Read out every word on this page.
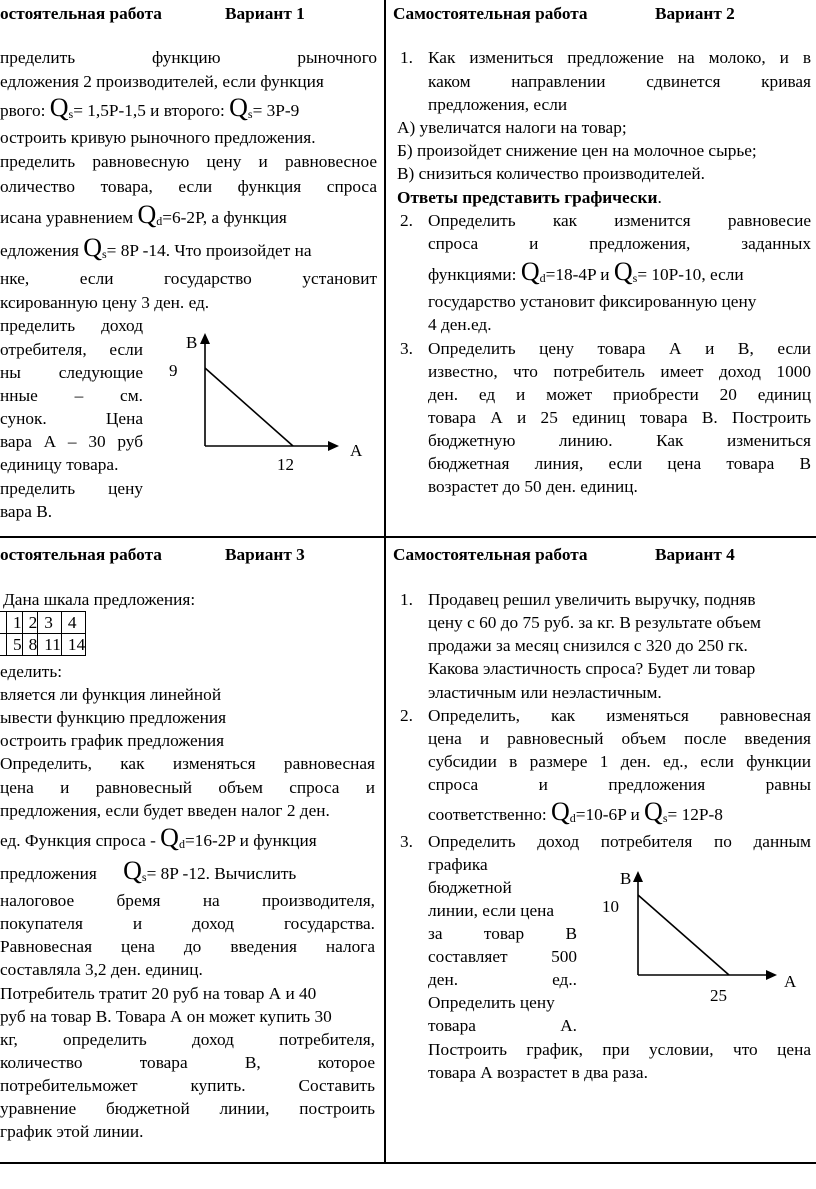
остоятельная работа	Вариант 1
пределить функцию рыночного
едложения 2 производителей, если функция
рвого: Qs= 1,5P-1,5 и второго: Qs= 3P-9
остроить кривую рыночного предложения.
пределить равновесную цену и равновесное
оличество товара, если функция спроса
исана уравнением Qd=6-2P, а функция
едложения Qs= 8P -14. Что произойдет на
нке, если государство установит
ксированную цену 3 ден. ед.
пределить доход
отребителя, если
ны следующие
нные – см.
сунок. Цена
вара А – 30 руб
единицу товара.
пределить цену
вара В.
В
9
А
12
Самостоятельная работа	Вариант 2
1. Как измениться предложение на молоко, и в
каком направлении сдвинется кривая
предложения, если
А) увеличатся налоги на товар;
Б) произойдет снижение цен на молочное сырье;
В) снизиться количество производителей.
Ответы представить графически.
2. Определить как изменится равновесие
спроса и предложения, заданных
функциями: Qd=18-4P и Qs= 10P-10, если
государство установит фиксированную цену
4 ден.ед.
3. Определить цену товара А и В, если
известно, что потребитель имеет доход 1000
ден. ед и может приобрести 20 единиц
товара А и 25 единиц товара В. Построить
бюджетную линию. Как измениться
бюджетная линия, если цена товара В
возрастет до 50 ден. единиц.
остоятельная работа	Вариант 3
Дана шкала предложения:
	1	2	3	4
	5	8	11	14
еделить:
вляется ли функция линейной
ывести функцию предложения
остроить график предложения
Определить, как изменяться равновесная
цена и равновесный объем спроса и
предложения, если будет введен налог 2 ден.
ед. Функция спроса - Qd=16-2P и функция
предложения Qs= 8P -12. Вычислить
налоговое бремя на производителя,
покупателя и доход государства.
Равновесная цена до введения налога
составляла 3,2 ден. единиц.
Потребитель тратит 20 руб на товар А и 40
руб на товар В. Товара А он может купить 30
кг, определить доход потребителя,
количество товара В, которое
потребительможет купить. Составить
уравнение бюджетной линии, построить
график этой линии.
Самостоятельная работа	Вариант 4
1. Продавец решил увеличить выручку, подняв
цену с 60 до 75 руб. за кг. В результате объем
продажи за месяц снизился с 320 до 250 гк.
Какова эластичность спроса? Будет ли товар
эластичным или неэластичным.
2. Определить, как изменяться равновесная
цена и равновесный объем после введения
субсидии в размере 1 ден. ед., если функции
спроса и предложения равны
соответственно: Qd=10-6P и Qs= 12P-8
3. Определить доход потребителя по данным
графика
бюджетной
линии, если цена
за товар В
составляет 500
ден. ед..
Определить цену
товара А.
Построить график, при условии, что цена
товара А возрастет в два раза.
В
10
А
25
